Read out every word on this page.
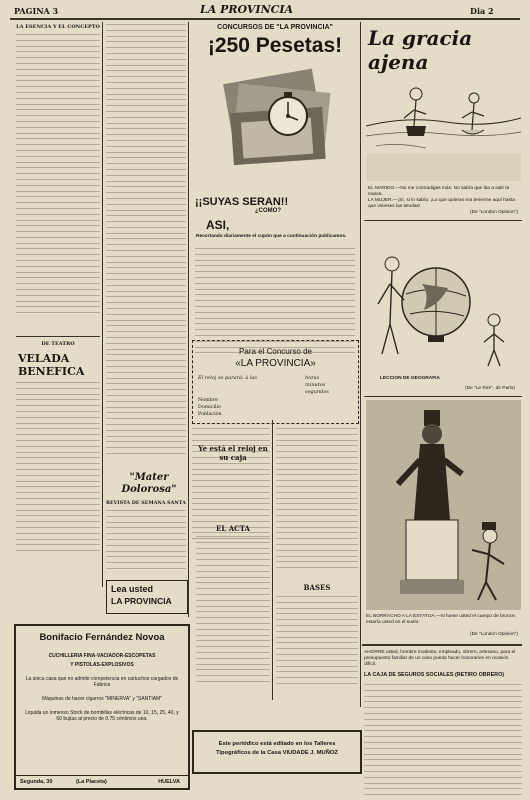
PAGINA 3	LA PROVINCIA	Dia 2
LA ESENCIA Y EL CONCEPTO
DE TEATRO
VELADA BENEFICA
"Mater Dolorosa"
REVISTA DE SEMANA SANTA
Lea usted
LA PROVINCIA
CONCURSOS DE "LA PROVINCIA"
¡250 Pesetas!
¡¡SUYAS SERAN!!
¿COMO?
ASI,
Recortando diariamente el cupón que a continuación publicamos.
Para el Concurso de
«LA PROVINCIA»
El reloj se parará: á las	horas
minutos
segundos
Nombre
Domicilio
Población
Ye está el reloj en su caja
EL ACTA
BASES
La gracia ajena
EL MARIDO.—No me contradigas más. No sabía que iba a salir la marea.
LA MUJER.—¡Sí, si lo sabía. ¡Lo que quieras era tenerme aquí hasta que vinieses las tiendas!
(De "London Opinion")
LECCION DE GEOGRAFIA
(De "Le Rire", de París)
EL BORRACHO A LA ESTATUA.—Si fuese usted el cuerpo de bronce, estaría usted en el suelo.
(De "London Opinion")
AHORRE usted, hombre modesto, empleado, obrero, artesano, para el presupuesto familiar de un caso pueda hacer honorarios en ocasión difícil.
LA CAJA DE SEGUROS SOCIALES (RETIRO OBRERO)
Bonifacio Fernández Novoa
CUCHILLERIA FINA-VACIADOR-ESCOPETAS
Y PISTOLAS-EXPLOSIVOS
La única casa que no admite competencia en cartuchos cargados de Fábrica
Máquinas de hacer cigarros "MINERVA" y "SANTIAM"
Liquida un inmenso Stock de bombillas eléctricas de 10, 15, 25, 40, y 60 bujías al precio de 0.75 céntimos una.
Segunda, 30	(La Placeta)	HUELVA
Este periódico está editado en los Talleres
Tipográficos de la Casa VIUDADE J. MUÑOZ
